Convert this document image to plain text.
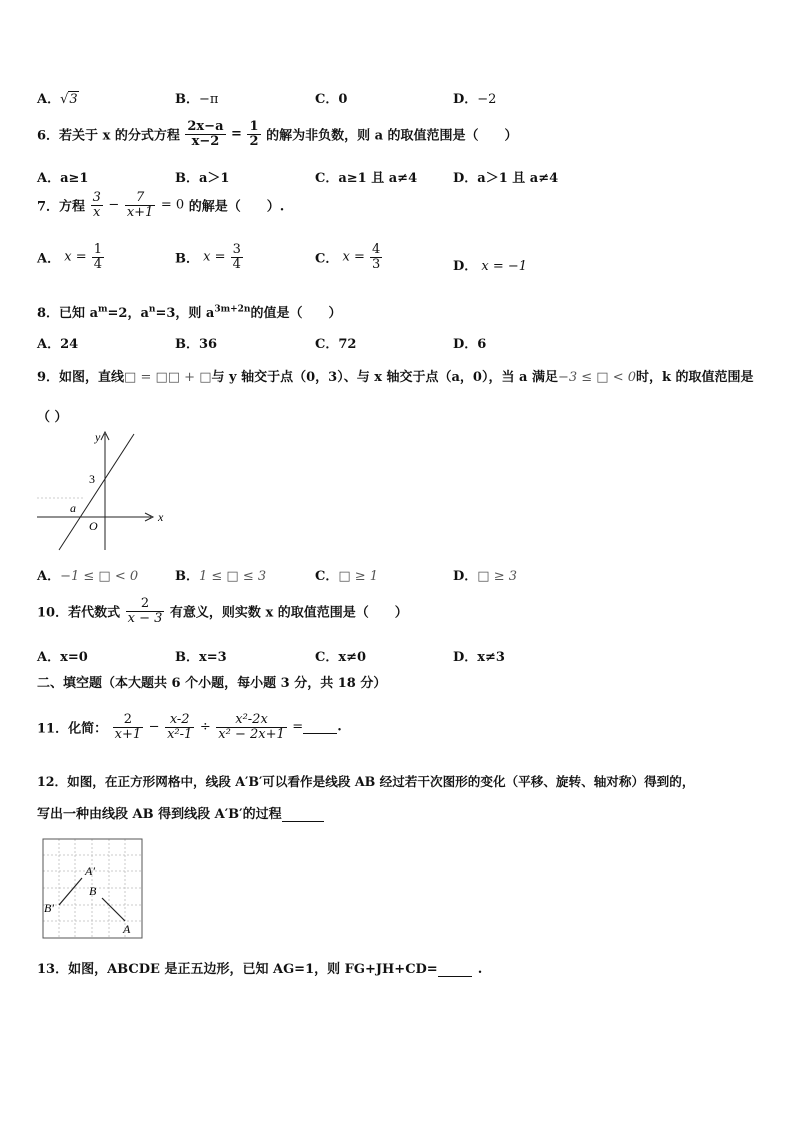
A．√3	B．−π	C．0	D．−2
6．若关于 x 的分式方程 $\frac{2x-a}{x-2} = \frac{1}{2}$ 的解为非负数，则 a 的取值范围是（　　）
A．a≥1	B．a＞1	C．a≥1 且 a≠4	D．a＞1 且 a≠4
7．方程 $\frac{3}{x} - \frac{7}{x+1} = 0$ 的解是（　　）.
A． $x = \frac{1}{4}$	B． $x = \frac{3}{4}$	C． $x = \frac{4}{3}$	D． x = −1
8．已知 $a^m=2$，$a^n=3$，则 $a^{3m+2n}$的值是（　　）
A．24	B．36	C．72	D．6
9．如图，直线□ = □□ + □与 y 轴交于点（0，3）、与 x 轴交于点（a，0），当 a 满足−3 ≤ □ < 0时，k 的取值范围是
（ ）
y
x
3
a
O
A．−1 ≤ □ < 0	B．1 ≤ □ ≤ 3	C．□ ≥ 1	D．□ ≥ 3
10．若代数式 $\frac{2}{x - 3}$ 有意义，则实数 x 的取值范围是（　　）
A．x=0	B．x=3	C．x≠0	D．x≠3
二、填空题（本大题共 6 个小题，每小题 3 分，共 18 分）
11．化简： $\frac{2}{x+1} - \frac{x-2}{\text{x²-1}} \div \frac{\text{x²-2x}}{\text{x² − 2x+1}}$ =	.
12．如图，在正方形网格中，线段 A′B′可以看作是线段 AB 经过若干次图形的变化（平移、旋转、轴对称）得到的，
写出一种由线段 AB 得到线段 A′B′的过程
A′
B′
B
A
13．如图，ABCDE 是正五边形，已知 AG=1，则 FG+JH+CD=	.
